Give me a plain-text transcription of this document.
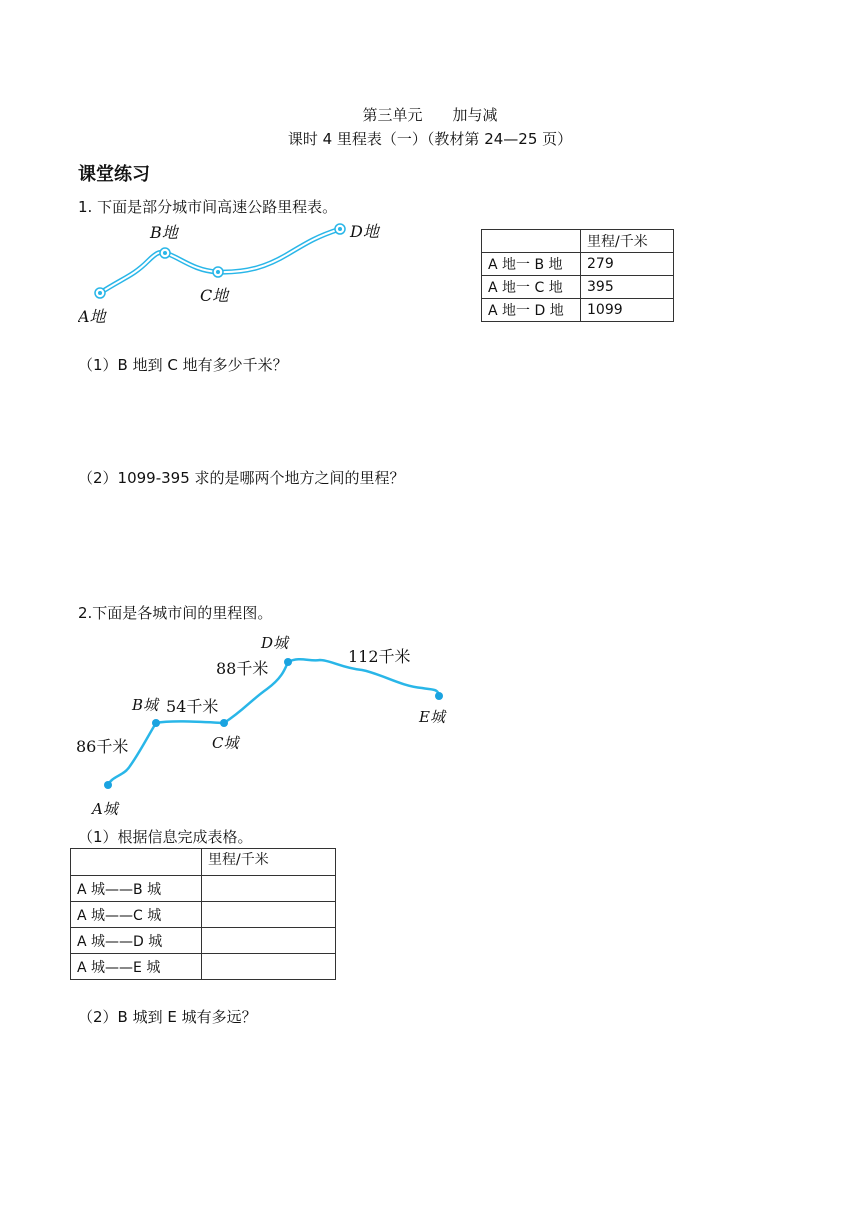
第三单元　　加与减
课时 4 里程表（一）（教材第 24—25 页）
课堂练习
1. 下面是部分城市间高速公路里程表。
A地
B地
C地
D地
	里程/千米
A 地一 B 地	279
A 地一 C 地	395
A 地一 D 地	1099
（1）B 地到 C 地有多少千米？
（2）1099-395 求的是哪两个地方之间的里程？
2.下面是各城市间的里程图。
A城
B城
C城
D城
E城
86千米
54千米
88千米
112千米
（1）根据信息完成表格。
	里程/千米
A 城——B 城	
A 城——C 城	
A 城——D 城	
A 城——E 城	
（2）B 城到 E 城有多远？
